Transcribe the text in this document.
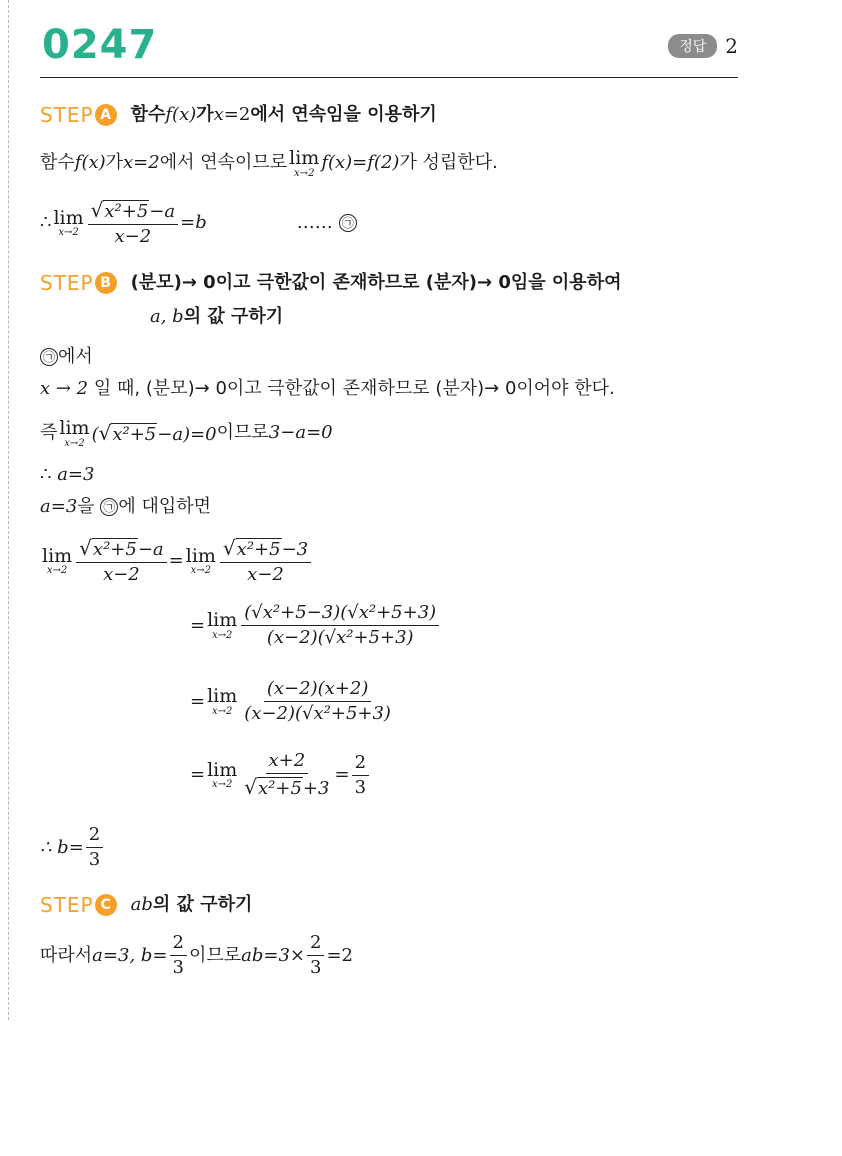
0247	정답 2
STEP A	함수 f(x) 가 x =2 에서 연속임을 이용하기
함수 f(x) 가 x=2 에서 연속이므로 lim
x→2 f(x)=f(2) 가 성립한다.
∴ lim
$x\to 2 \frac{\text{√x²+5−a}}{x-2} =b$	…… ㉠
STEP B	(분모)→ 0이고 극한값이 존재하므로 (분자)→ 0임을 이용하여
a, b 의 값 구하기
㉠ 에서
x → 2 일 때, (분모)→ 0이고 극한값이 존재하므로 (분자)→ 0이어야 한다.
즉 lim
x→2 (√x²+5−a)=0 이므로 3−a=0
∴ a=3
a=3을 ㉠ 에 대입하면
lim
$x\to 2 \frac{\text{√x²+5−a}}{x-2} = \lim$
$x\to 2 \frac{\text{√x²+5−3}}{x-2}$
= lim
$x\to 2 \frac{\text{(√x²+5−3)(√x²+5+3)}}{\text{(x−2)(√x²+5+3)}}$
= lim
$x\to 2 \frac{(x-2)(x+2)}{\text{(x−2)(√x²+5+3)}}$
= lim
$x\to 2 \frac{x+2}{\text{√x²+5+3}} = \frac{2}{3}$
∴ $b= \frac{2}{3}$
STEP C	ab 의 값 구하기
따라서 a=3, $b= \frac{2}{3}$ 이므로 $ab=3\times \frac{2}{3} =2$
